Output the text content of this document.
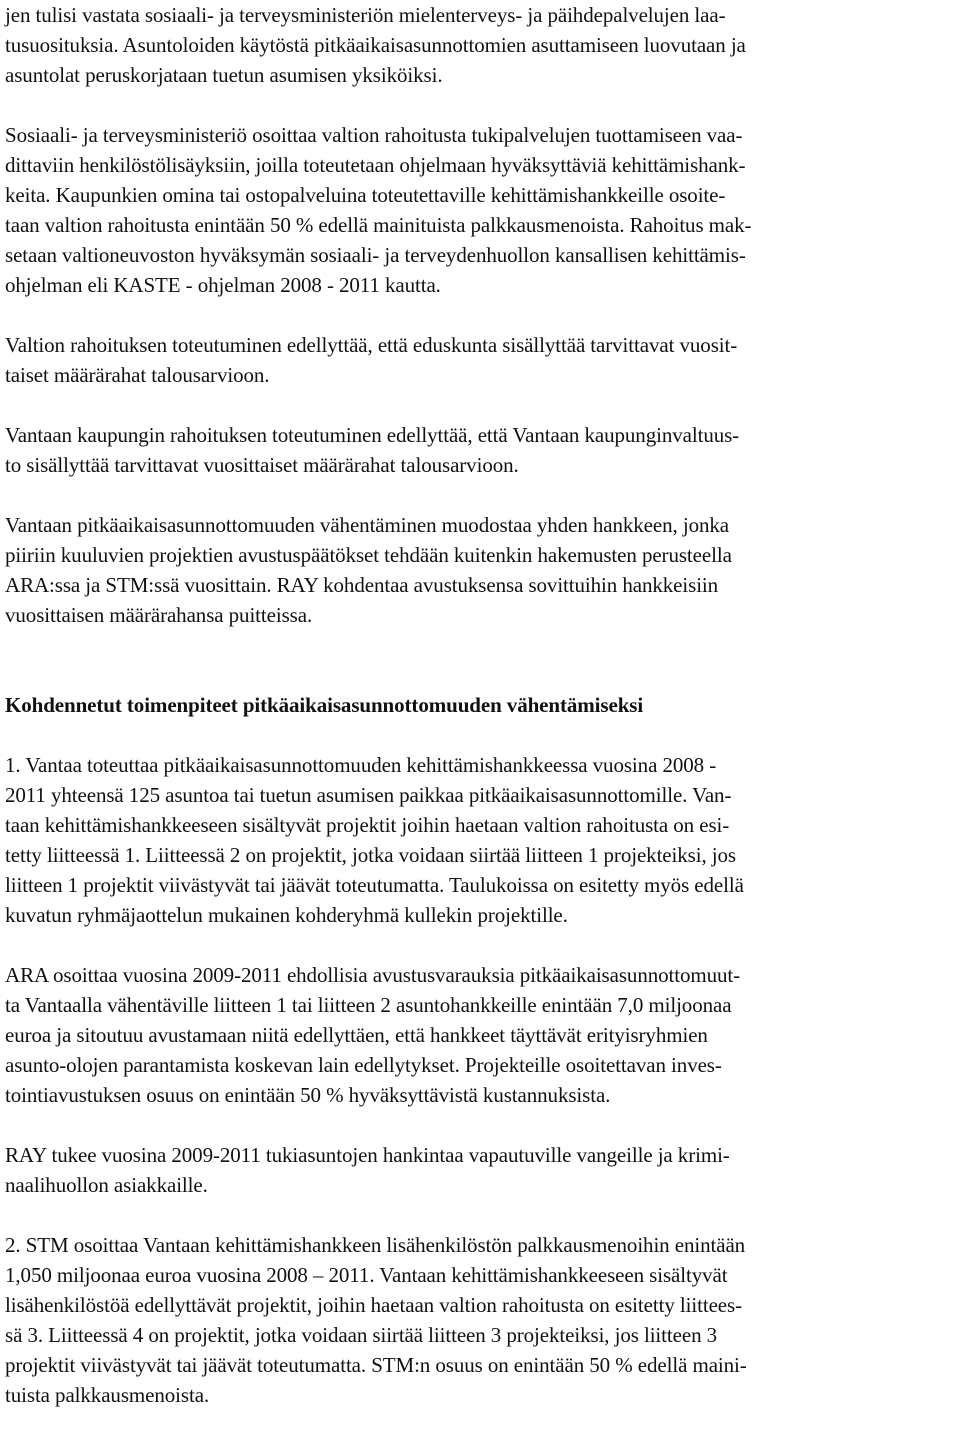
jen tulisi vastata sosiaali- ja terveysministeriön mielenterveys- ja päihdepalvelujen laa-
tusuosituksia. Asuntoloiden käytöstä pitkäaikaisasunnottomien asuttamiseen luovutaan ja
asuntolat peruskorjataan tuetun asumisen yksiköiksi.
Sosiaali- ja terveysministeriö osoittaa valtion rahoitusta tukipalvelujen tuottamiseen vaa-
dittaviin henkilöstölisäyksiin, joilla toteutetaan ohjelmaan hyväksyttäviä kehittämishank-
keita. Kaupunkien omina tai ostopalveluina toteutettaville kehittämishankkeille osoite-
taan valtion rahoitusta enintään 50 % edellä mainituista palkkausmenoista. Rahoitus mak-
setaan valtioneuvoston hyväksymän sosiaali- ja terveydenhuollon kansallisen kehittämis-
ohjelman eli KASTE - ohjelman 2008 - 2011 kautta.
Valtion rahoituksen toteutuminen edellyttää, että eduskunta sisällyttää tarvittavat vuosit-
taiset määrärahat talousarvioon.
Vantaan kaupungin rahoituksen toteutuminen edellyttää, että Vantaan kaupunginvaltuus-
to sisällyttää tarvittavat vuosittaiset määrärahat talousarvioon.
Vantaan pitkäaikaisasunnottomuuden vähentäminen muodostaa yhden hankkeen, jonka
piiriin kuuluvien projektien avustuspäätökset tehdään kuitenkin hakemusten perusteella
ARA:ssa ja STM:ssä vuosittain. RAY kohdentaa avustuksensa sovittuihin hankkeisiin
vuosittaisen määrärahansa puitteissa.
Kohdennetut toimenpiteet pitkäaikaisasunnottomuuden vähentämiseksi
1. Vantaa toteuttaa pitkäaikaisasunnottomuuden kehittämishankkeessa vuosina 2008 -
2011 yhteensä 125 asuntoa tai tuetun asumisen paikkaa pitkäaikaisasunnottomille. Van-
taan kehittämishankkeeseen sisältyvät projektit joihin haetaan valtion rahoitusta on esi-
tetty liitteessä 1. Liitteessä 2 on projektit, jotka voidaan siirtää liitteen 1 projekteiksi, jos
liitteen 1 projektit viivästyvät tai jäävät toteutumatta. Taulukoissa on esitetty myös edellä
kuvatun ryhmäjaottelun mukainen kohderyhmä kullekin projektille.
ARA osoittaa vuosina 2009-2011 ehdollisia avustusvarauksia pitkäaikaisasunnottomuut-
ta Vantaalla vähentäville liitteen 1 tai liitteen 2 asuntohankkeille enintään 7,0 miljoonaa
euroa ja sitoutuu avustamaan niitä edellyttäen, että hankkeet täyttävät erityisryhmien
asunto-olojen parantamista koskevan lain edellytykset. Projekteille osoitettavan inves-
tointiavustuksen osuus on enintään 50 % hyväksyttävistä kustannuksista.
RAY tukee vuosina 2009-2011 tukiasuntojen hankintaa vapautuville vangeille ja krimi-
naalihuollon asiakkaille.
2. STM osoittaa Vantaan kehittämishankkeen lisähenkilöstön palkkausmenoihin enintään
1,050 miljoonaa euroa vuosina 2008 – 2011. Vantaan kehittämishankkeeseen sisältyvät
lisähenkilöstöä edellyttävät projektit, joihin haetaan valtion rahoitusta on esitetty liittees-
sä 3. Liitteessä 4 on projektit, jotka voidaan siirtää liitteen 3 projekteiksi, jos liitteen 3
projektit viivästyvät tai jäävät toteutumatta. STM:n osuus on enintään 50 % edellä maini-
tuista palkkausmenoista.
